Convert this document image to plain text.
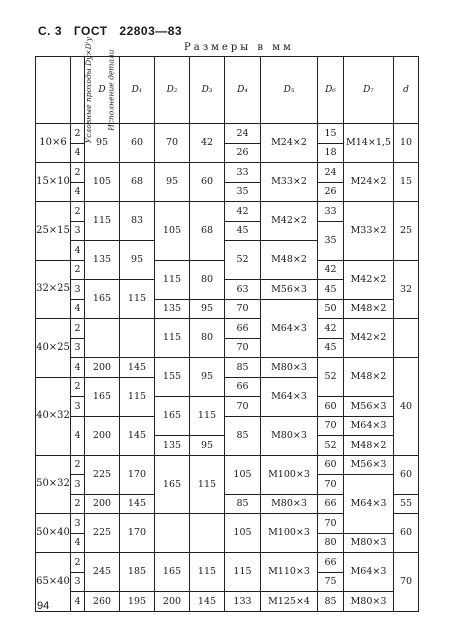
С. 3 ГОСТ 22803—83
Размеры в мм
Условные проходы Dy×D'y	Исполнение детали	D	D₁	D₂	D₃	D₄	D₅	D₆	D₇	d	
10×6	2	95	60	70	42	24	M24×2	15	M14×1,5	10	
	4					26		18			
15×10	2	105	68	95	60	33	M33×2	24	M24×2	15	
	4					35		26			
25×15	2	115	83	105	68	42	M42×2	33	M33×2	25	
	3					45		35			
	4	135	95			52	M48×2				
32×25	2			115	80			42	M42×2	32	
	3	165	115			63	M56×3	45			
	4			135	95	70	M64×3	50	M48×2		
40×25	2			115	80	66		42	M42×2		
	3					70		45			
	4	200	145	155	95	85	M80×3	52	M48×2	40	
40×32	2	165	115			66	M64×3				
	3			165	115	70		60	M56×3		
	4	200	145			85	M80×3	70	M64×3		
				135	95			52	M48×2	
50×32	2	225	170	165	115	105	M100×3	60	M56×3	60	
	3							70	M64×3		
	2	200	145			85	M80×3	66		55	
50×40	3	225	170			105	M100×3	70		60	
	4							80	M80×3		
65×40	2	245	185	165	115	115	M110×3	66	M64×3	70	
	3							75			
	4	260	195	200	145	133	M125×4	85	M80×3		
94
